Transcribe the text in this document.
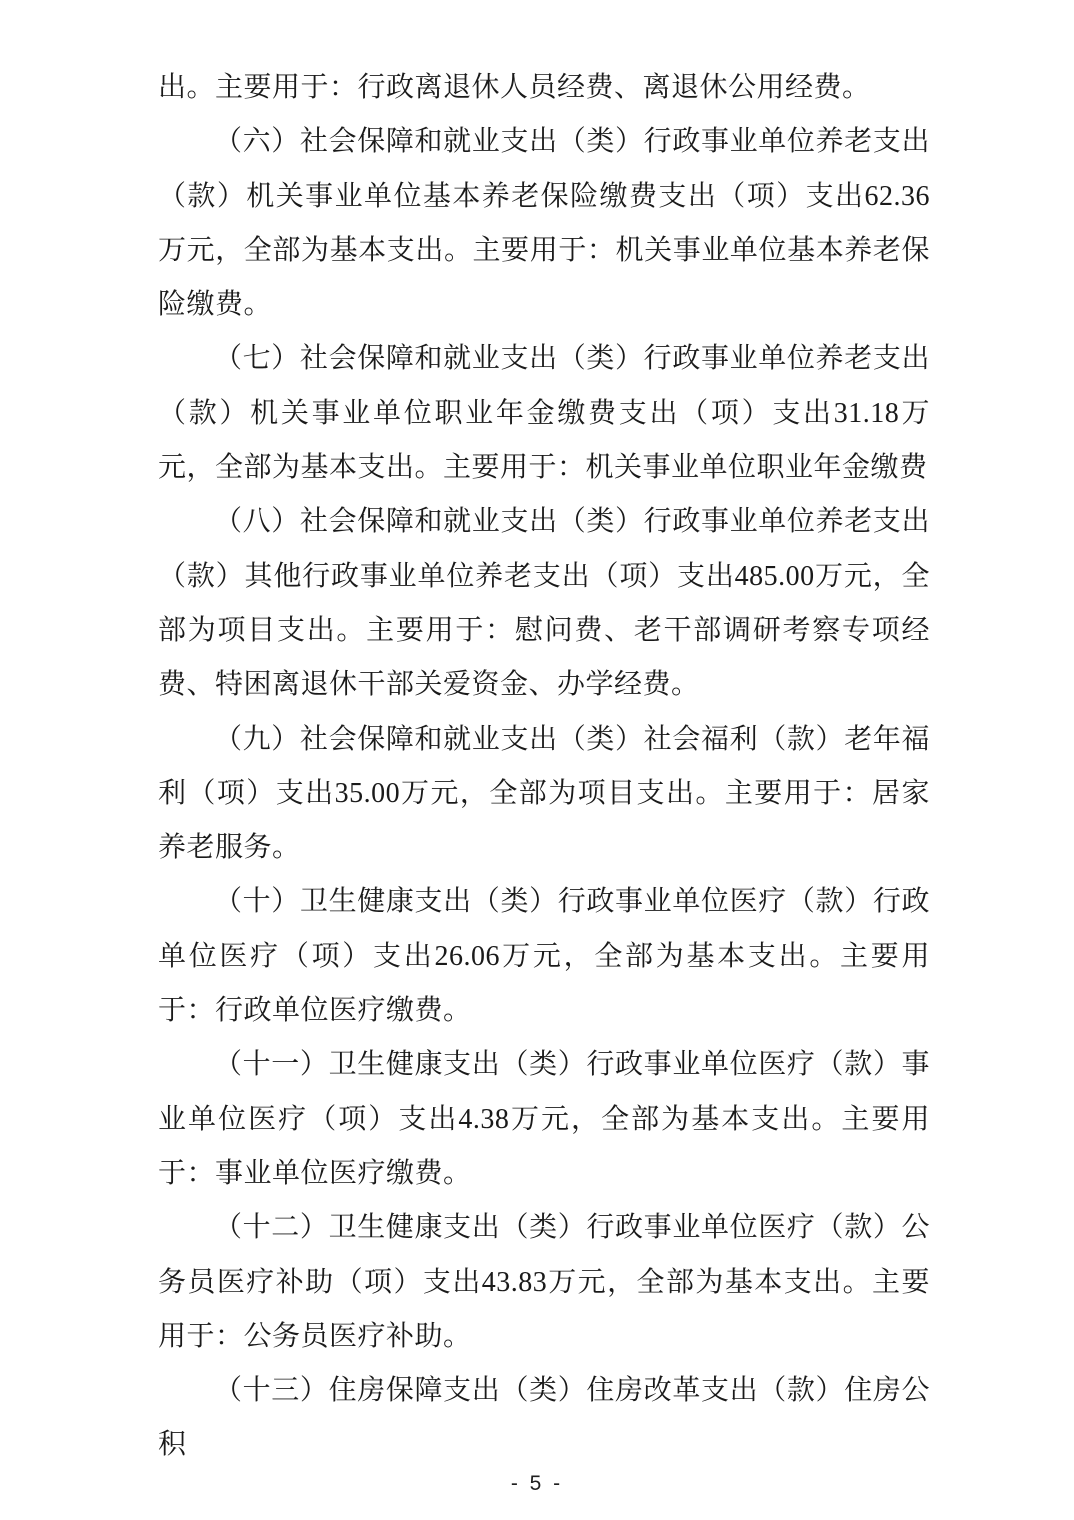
出。主要用于：行政离退休人员经费、离退休公用经费。

（六）社会保障和就业支出（类）行政事业单位养老支出（款）机关事业单位基本养老保险缴费支出（项）支出62.36万元，全部为基本支出。主要用于：机关事业单位基本养老保险缴费。

（七）社会保障和就业支出（类）行政事业单位养老支出（款）机关事业单位职业年金缴费支出（项）支出31.18万元，全部为基本支出。主要用于：机关事业单位职业年金缴费

（八）社会保障和就业支出（类）行政事业单位养老支出（款）其他行政事业单位养老支出（项）支出485.00万元，全部为项目支出。主要用于：慰问费、老干部调研考察专项经费、特困离退休干部关爱资金、办学经费。

（九）社会保障和就业支出（类）社会福利（款）老年福利（项）支出35.00万元，全部为项目支出。主要用于：居家养老服务。

（十）卫生健康支出（类）行政事业单位医疗（款）行政单位医疗（项）支出26.06万元，全部为基本支出。主要用于：行政单位医疗缴费。

（十一）卫生健康支出（类）行政事业单位医疗（款）事业单位医疗（项）支出4.38万元，全部为基本支出。主要用于：事业单位医疗缴费。

（十二）卫生健康支出（类）行政事业单位医疗（款）公务员医疗补助（项）支出43.83万元，全部为基本支出。主要用于：公务员医疗补助。

（十三）住房保障支出（类）住房改革支出（款）住房公积

- 5 -
